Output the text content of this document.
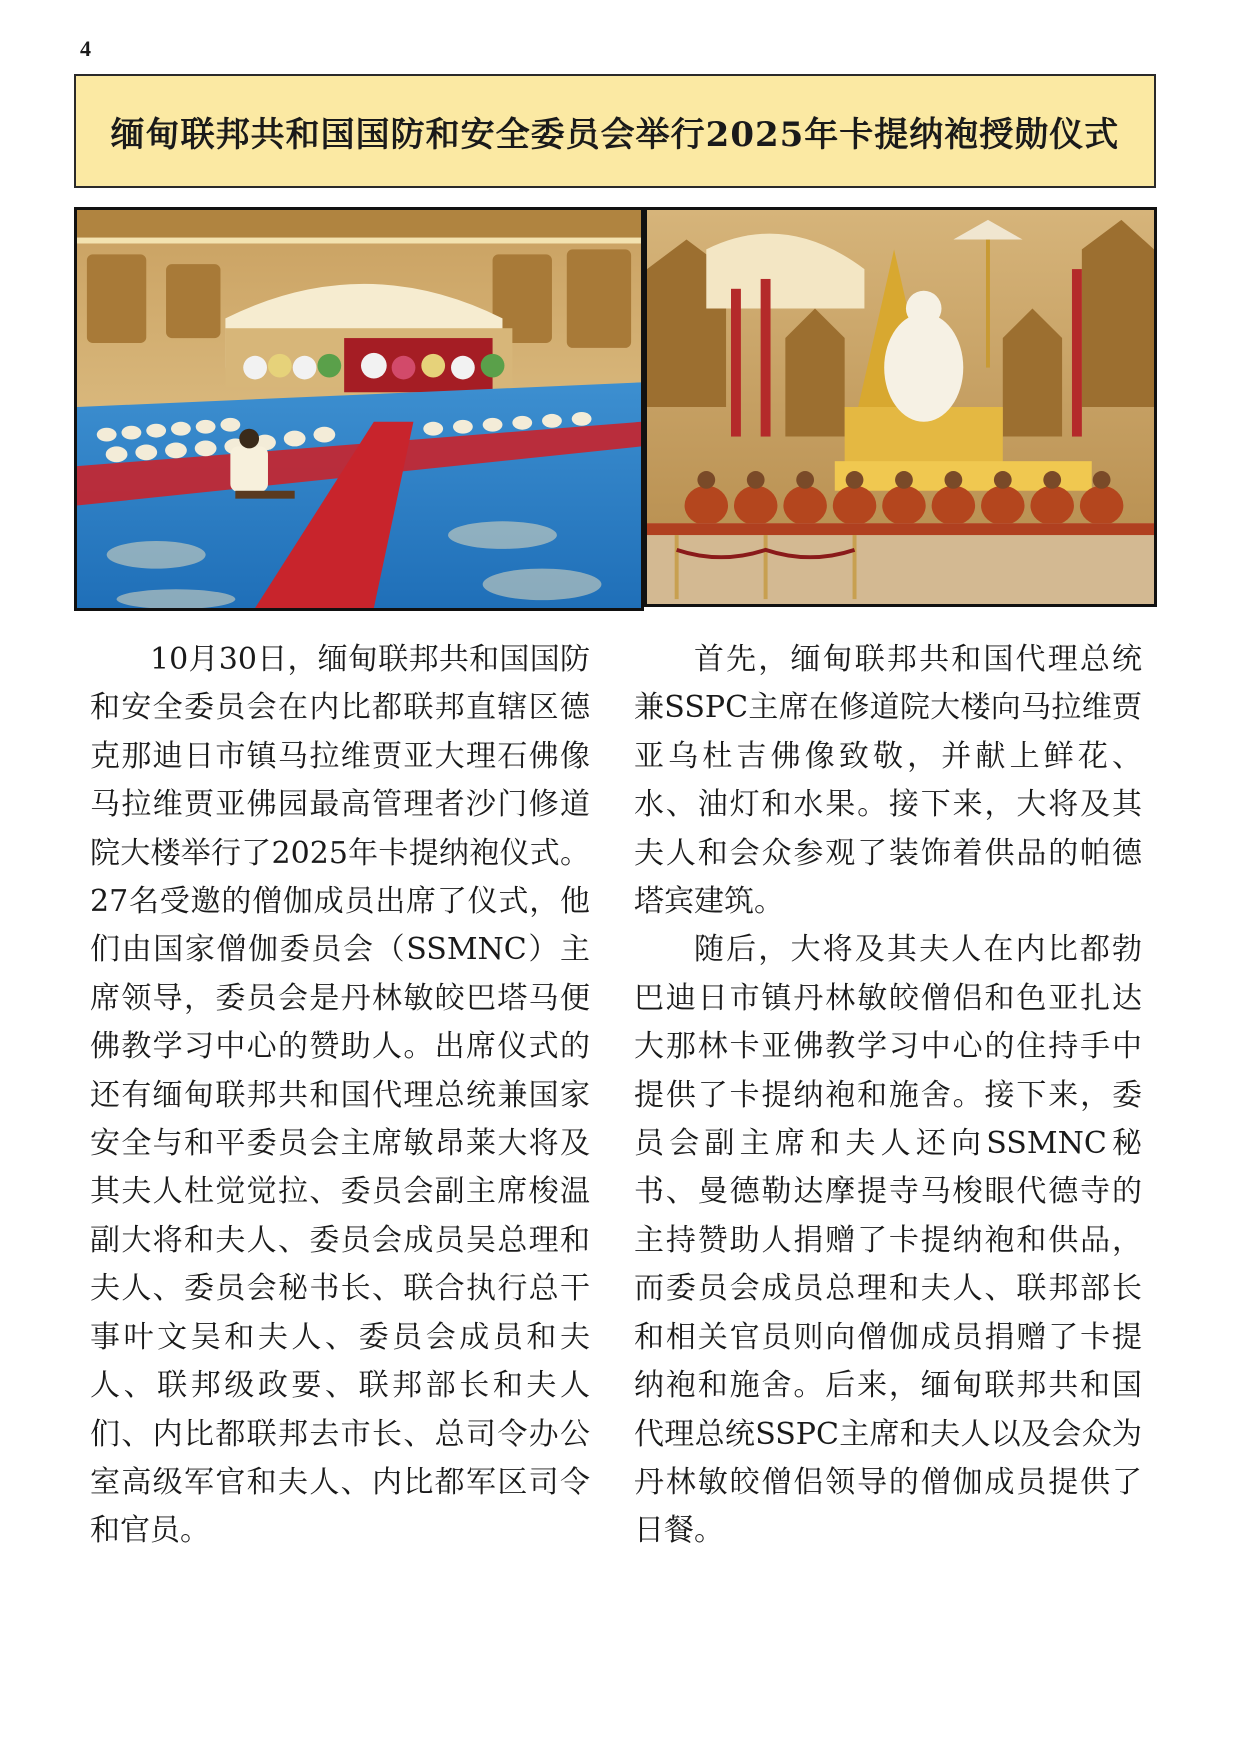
4
缅甸联邦共和国国防和安全委员会举行2025年卡提纳袍授勋仪式

10月30日，缅甸联邦共和国国防和安全委员会在内比都联邦直辖区德克那迪日市镇马拉维贾亚大理石佛像马拉维贾亚佛园最高管理者沙门修道院大楼举行了2025年卡提纳袍仪式。27名受邀的僧伽成员出席了仪式，他们由国家僧伽委员会（SSMNC）主席领导，委员会是丹林敏皎巴塔马便佛教学习中心的赞助人。出席仪式的还有缅甸联邦共和国代理总统兼国家安全与和平委员会主席敏昂莱大将及其夫人杜觉觉拉、委员会副主席梭温副大将和夫人、委员会成员吴总理和夫人、委员会秘书长、联合执行总干事叶文吴和夫人、委员会成员和夫人、联邦级政要、联邦部长和夫人们、内比都联邦去市长、总司令办公室高级军官和夫人、内比都军区司令和官员。

首先，缅甸联邦共和国代理总统兼SSPC主席在修道院大楼向马拉维贾亚乌杜吉佛像致敬，并献上鲜花、水、油灯和水果。接下来，大将及其夫人和会众参观了装饰着供品的帕德塔宾建筑。

随后，大将及其夫人在内比都勃巴迪日市镇丹林敏皎僧侣和色亚扎达大那林卡亚佛教学习中心的住持手中提供了卡提纳袍和施舍。接下来，委员会副主席和夫人还向SSMNC秘书、曼德勒达摩提寺马梭眼代德寺的主持赞助人捐赠了卡提纳袍和供品，而委员会成员总理和夫人、联邦部长和相关官员则向僧伽成员捐赠了卡提纳袍和施舍。后来，缅甸联邦共和国代理总统SSPC主席和夫人以及会众为丹林敏皎僧侣领导的僧伽成员提供了日餐。
